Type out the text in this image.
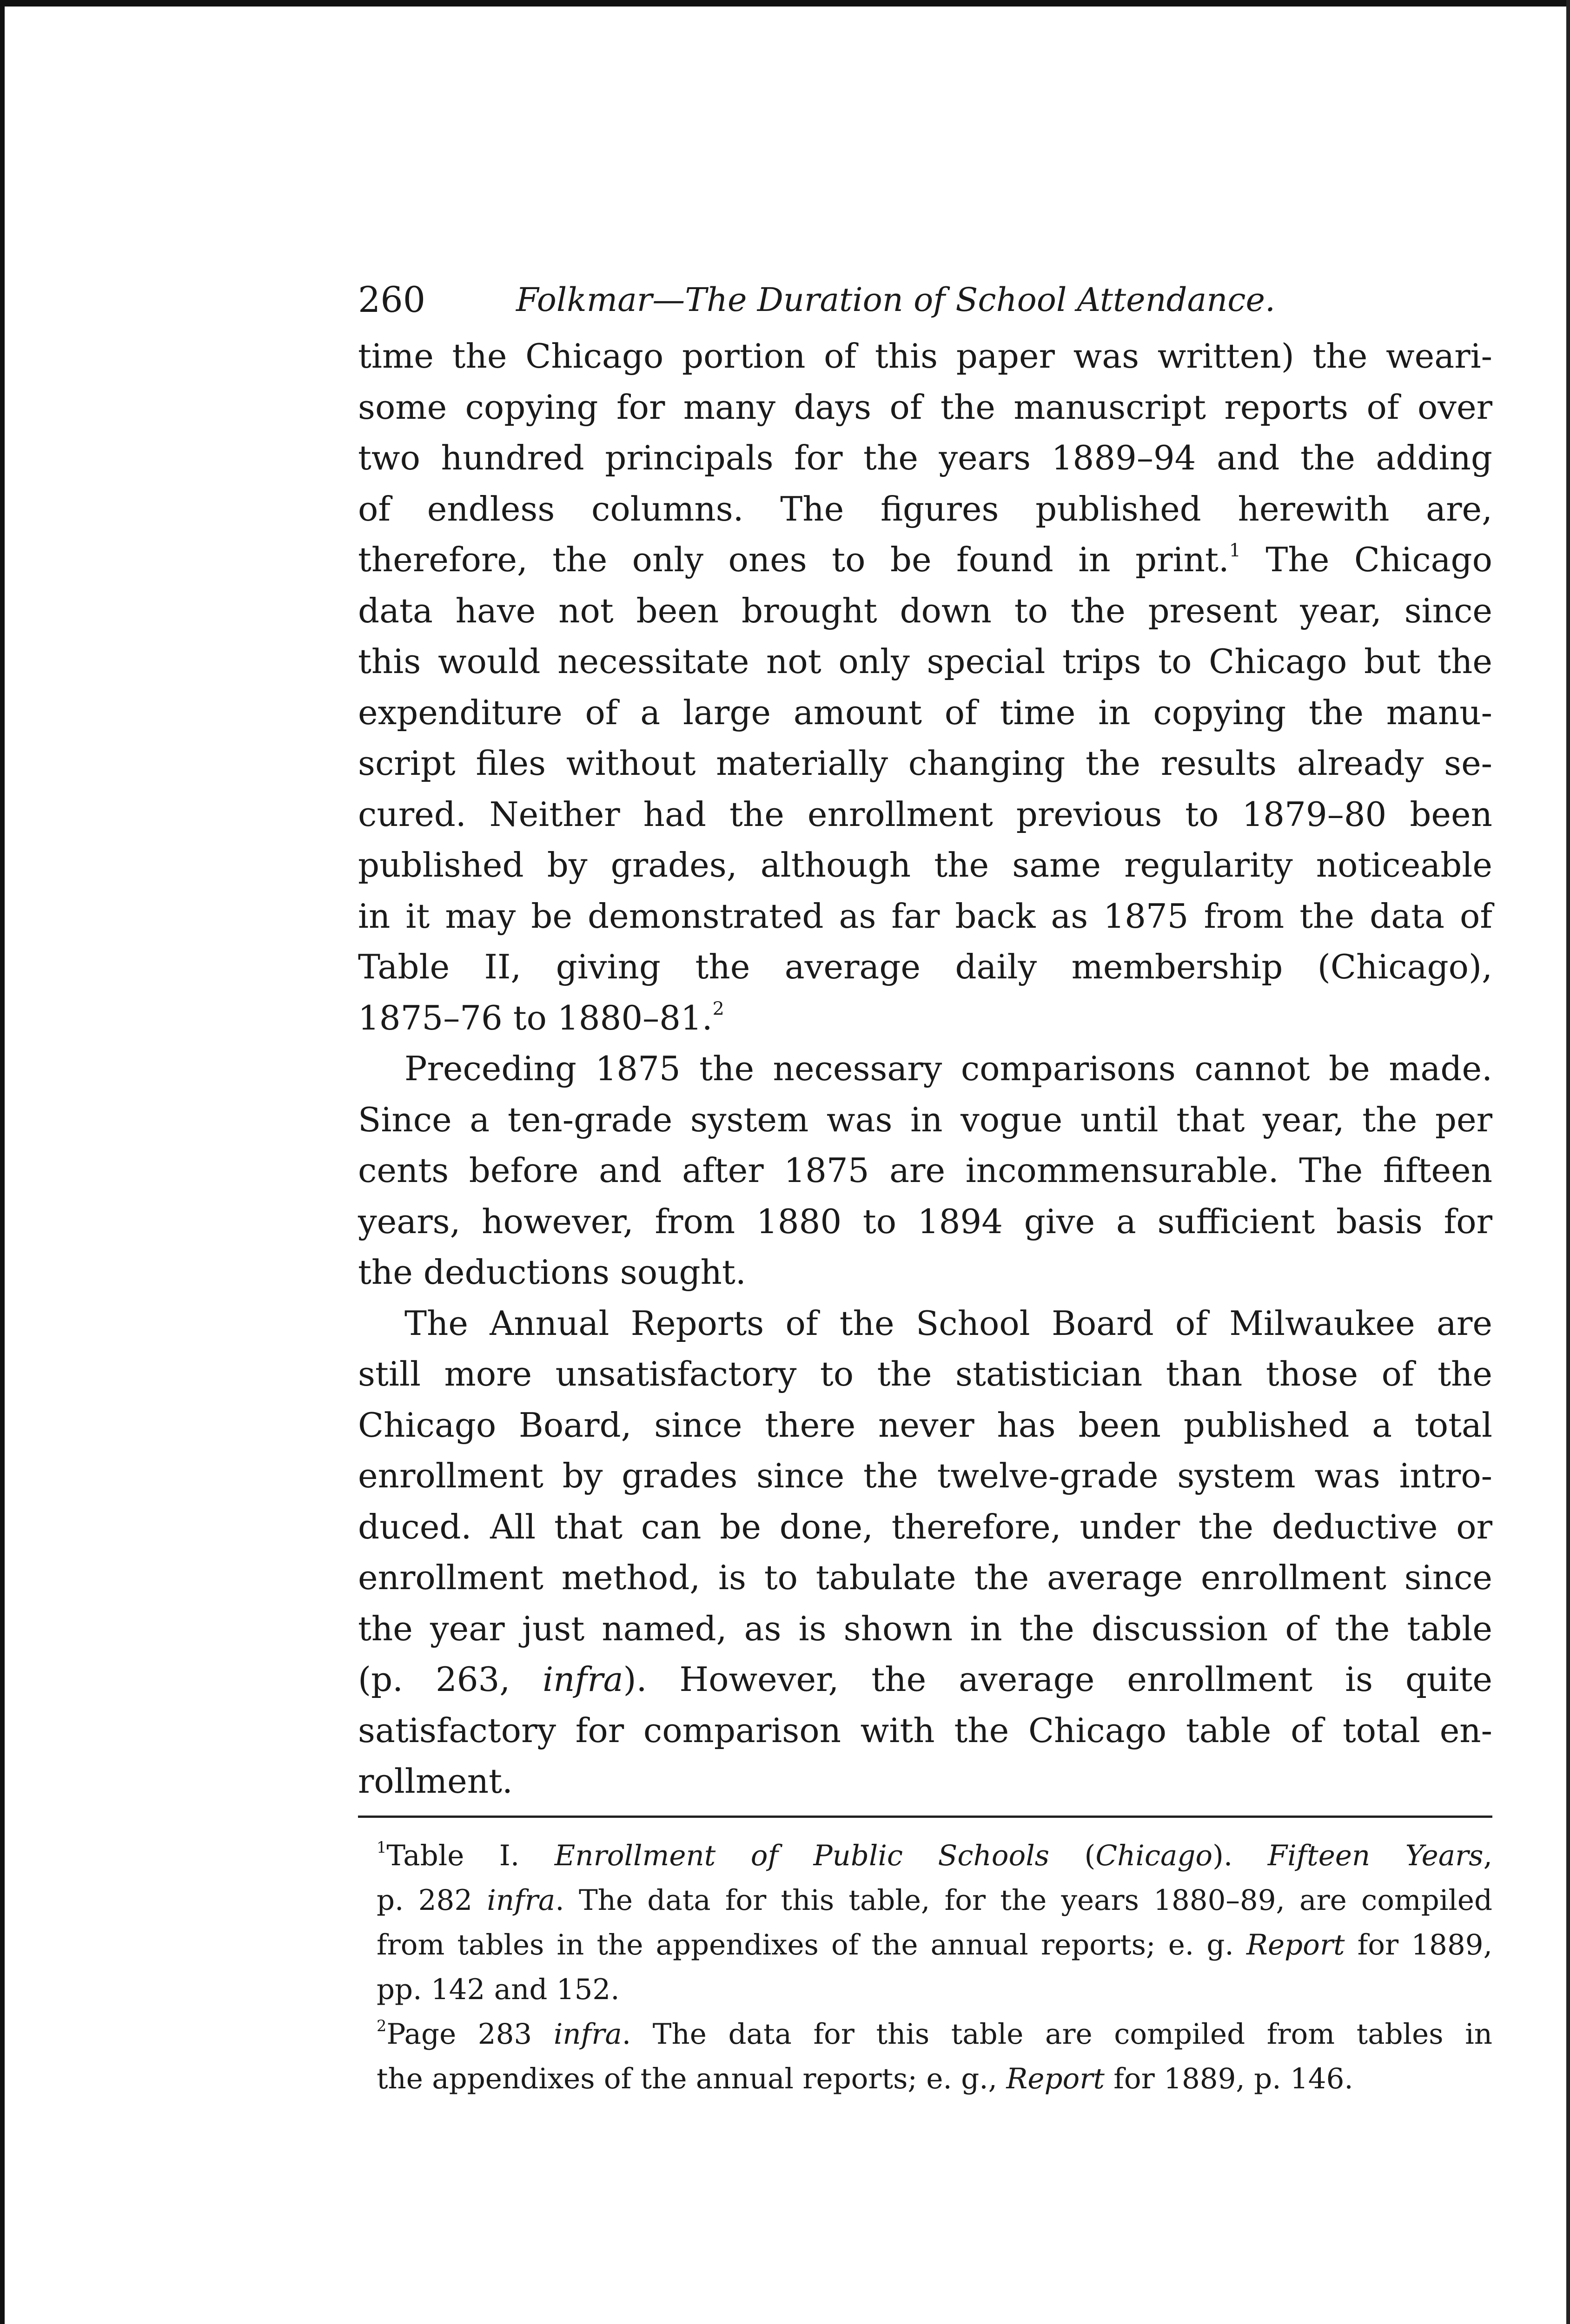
260	Folkmar—The Duration of School Attendance.

time the Chicago portion of this paper was written) the weari-
some copying for many days of the manuscript reports of over
two hundred principals for the years 1889–94 and the adding
of endless columns. The figures published herewith are,
therefore, the only ones to be found in print.$^1$ The Chicago
data have not been brought down to the present year, since
this would necessitate not only special trips to Chicago but the
expenditure of a large amount of time in copying the manu-
script files without materially changing the results already se-
cured. Neither had the enrollment previous to 1879–80 been
published by grades, although the same regularity noticeable
in it may be demonstrated as far back as 1875 from the data of
Table II, giving the average daily membership (Chicago),
1875–76 to 1880–81.$^2$

Preceding 1875 the necessary comparisons cannot be made.
Since a ten-grade system was in vogue until that year, the per
cents before and after 1875 are incommensurable. The fifteen
years, however, from 1880 to 1894 give a sufficient basis for
the deductions sought.

The Annual Reports of the School Board of Milwaukee are
still more unsatisfactory to the statistician than those of the
Chicago Board, since there never has been published a total
enrollment by grades since the twelve-grade system was intro-
duced. All that can be done, therefore, under the deductive or
enrollment method, is to tabulate the average enrollment since
the year just named, as is shown in the discussion of the table
(p. 263, infra). However, the average enrollment is quite
satisfactory for comparison with the Chicago table of total en-
rollment.

$^1$Table I. Enrollment of Public Schools (Chicago). Fifteen Years,
p. 282 infra. The data for this table, for the years 1880–89, are compiled
from tables in the appendixes of the annual reports; e. g. Report for 1889,
pp. 142 and 152.
$^2$Page 283 infra. The data for this table are compiled from tables in
the appendixes of the annual reports; e. g., Report for 1889, p. 146.
